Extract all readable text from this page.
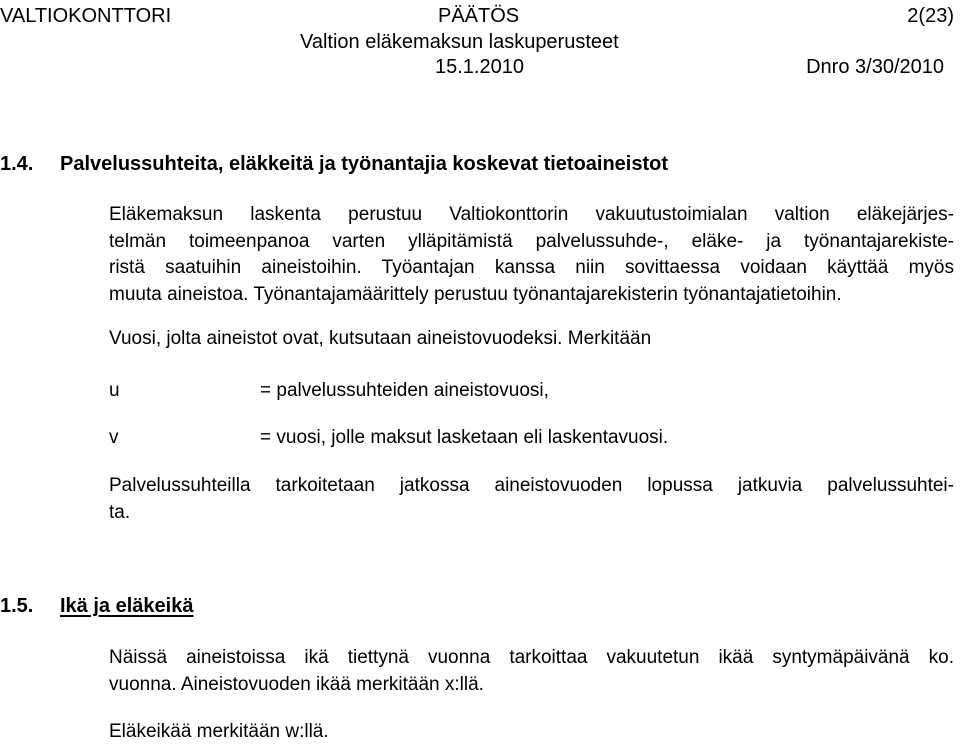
VALTIOKONTTORI	PÄÄTÖS	2(23)
Valtion eläkemaksun laskuperusteet
15.1.2010	Dnro 3/30/2010
1.4. Palvelussuhteita, eläkkeitä ja työnantajia koskevat tietoaineistot
Eläkemaksun laskenta perustuu Valtiokonttorin vakuutustoimialan valtion eläkejärjes-
telmän toimeenpanoa varten ylläpitämistä palvelussuhde-, eläke- ja työnantajarekiste-
ristä saatuihin aineistoihin. Työantajan kanssa niin sovittaessa voidaan käyttää myös
muuta aineistoa. Työnantajamäärittely perustuu työnantajarekisterin työnantajatietoihin.
Vuosi, jolta aineistot ovat, kutsutaan aineistovuodeksi. Merkitään
u	= palvelussuhteiden aineistovuosi,
v	= vuosi, jolle maksut lasketaan eli laskentavuosi.
Palvelussuhteilla tarkoitetaan jatkossa aineistovuoden lopussa jatkuvia palvelussuhtei-
ta.
1.5. Ikä ja eläkeikä
Näissä aineistoissa ikä tiettynä vuonna tarkoittaa vakuutetun ikää syntymäpäivänä ko.
vuonna. Aineistovuoden ikää merkitään x:llä.
Eläkeikää merkitään w:llä.
